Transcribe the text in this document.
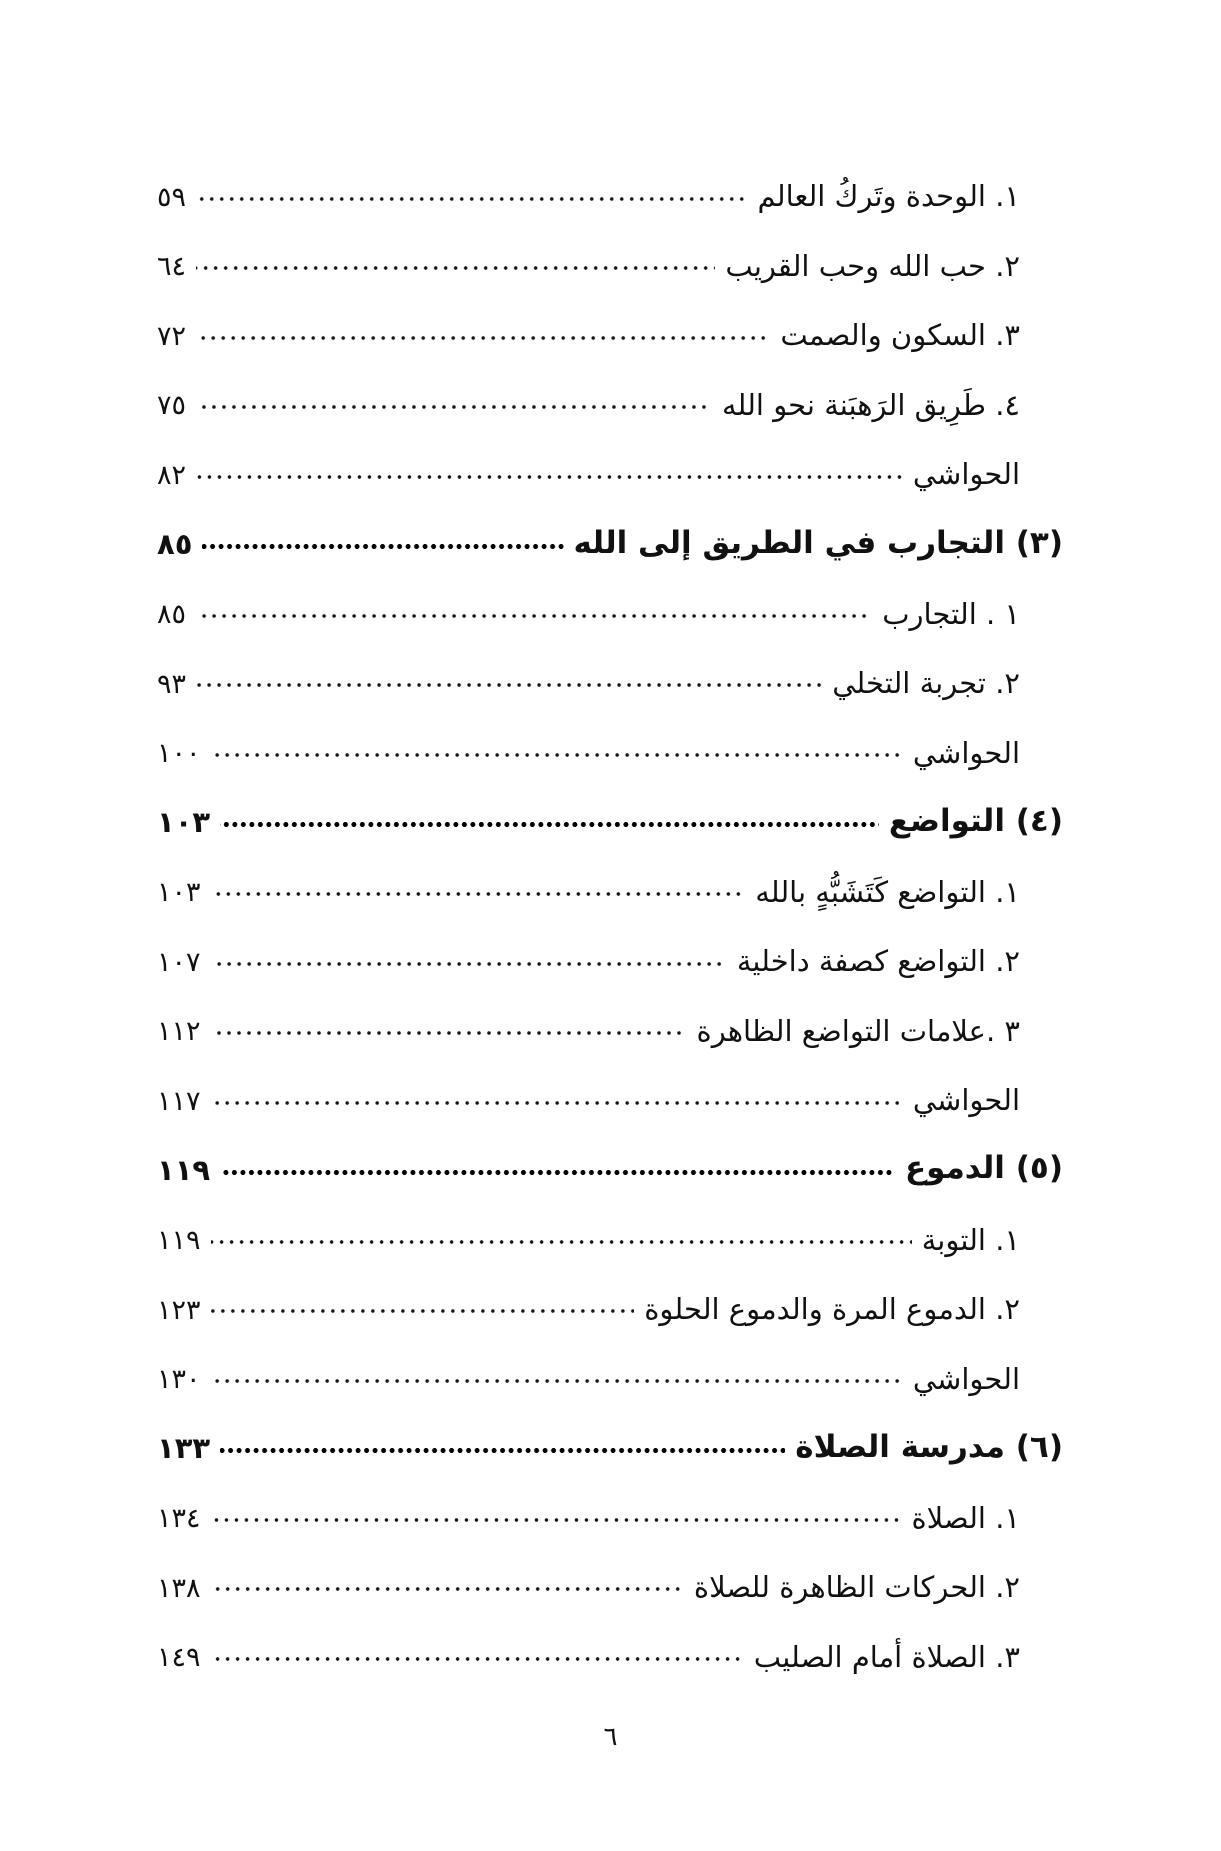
١. الوحدة وتَركُ العالم
٥٩
٢. حب الله وحب القريب
٦٤
٣. السكون والصمت
٧٢
٤. طَرِيق الرَهبَنة نحو الله
٧٥
الحواشي
٨٢
(٣) التجارب في الطريق إلى الله
٨٥
١ . التجارب
٨٥
٢. تجربة التخلي
٩٣
الحواشي
١٠٠
(٤) التواضع
١٠٣
١. التواضع كَتَشَبُّهٍ بالله
١٠٣
٢. التواضع كصفة داخلية
١٠٧
٣ .علامات التواضع الظاهرة
١١٢
الحواشي
١١٧
(٥) الدموع
١١٩
١. التوبة
١١٩
٢. الدموع المرة والدموع الحلوة
١٢٣
الحواشي
١٣٠
(٦) مدرسة الصلاة
١٣٣
١. الصلاة
١٣٤
٢. الحركات الظاهرة للصلاة
١٣٨
٣. الصلاة أمام الصليب
١٤٩
٦
